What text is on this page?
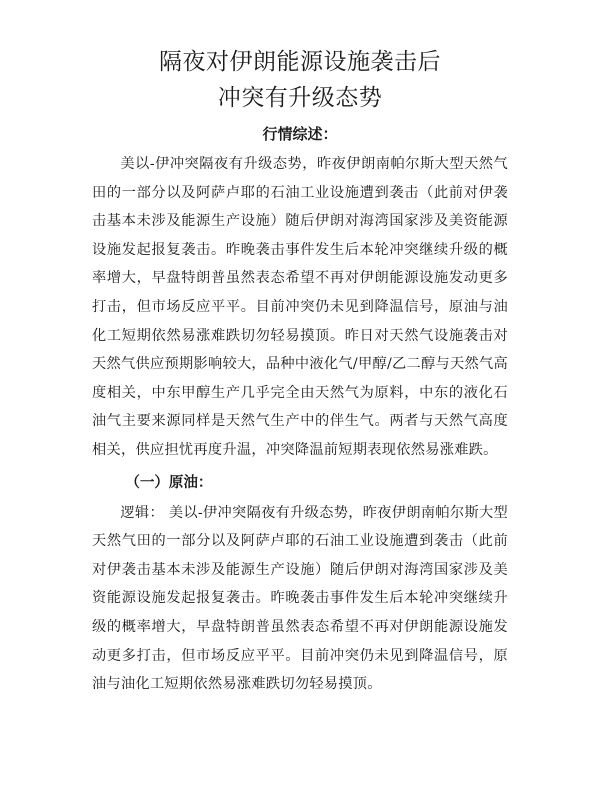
隔夜对伊朗能源设施袭击后
冲突有升级态势
行情综述：

美以-伊冲突隔夜有升级态势，昨夜伊朗南帕尔斯大型天然气田的一部分以及阿萨卢耶的石油工业设施遭到袭击（此前对伊袭击基本未涉及能源生产设施）随后伊朗对海湾国家涉及美资能源设施发起报复袭击。昨晚袭击事件发生后本轮冲突继续升级的概率增大，早盘特朗普虽然表态希望不再对伊朗能源设施发动更多打击，但市场反应平平。目前冲突仍未见到降温信号，原油与油化工短期依然易涨难跌切勿轻易摸顶。昨日对天然气设施袭击对天然气供应预期影响较大，品种中液化气/甲醇/乙二醇与天然气高度相关，中东甲醇生产几乎完全由天然气为原料，中东的液化石油气主要来源同样是天然气生产中的伴生气。两者与天然气高度相关，供应担忧再度升温，冲突降温前短期表现依然易涨难跌。

（一）原油：

逻辑： 美以-伊冲突隔夜有升级态势，昨夜伊朗南帕尔斯大型天然气田的一部分以及阿萨卢耶的石油工业设施遭到袭击（此前对伊袭击基本未涉及能源生产设施）随后伊朗对海湾国家涉及美资能源设施发起报复袭击。昨晚袭击事件发生后本轮冲突继续升级的概率增大，早盘特朗普虽然表态希望不再对伊朗能源设施发动更多打击，但市场反应平平。目前冲突仍未见到降温信号，原油与油化工短期依然易涨难跌切勿轻易摸顶。
